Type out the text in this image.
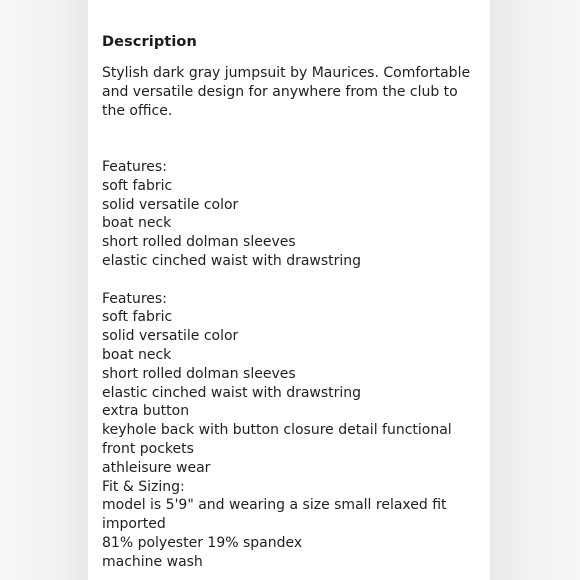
Description

Stylish dark gray jumpsuit by Maurices. Comfortable and versatile design for anywhere from the club to the office.

Features:

soft fabric

solid versatile color

boat neck

short rolled dolman sleeves

elastic cinched waist with drawstring

Features:

soft fabric

solid versatile color

boat neck

short rolled dolman sleeves

elastic cinched waist with drawstring

extra button

keyhole back with button closure detail functional

front pockets

athleisure wear

Fit & Sizing:

model is 5'9" and wearing a size small relaxed fit

imported

81% polyester 19% spandex

machine wash
